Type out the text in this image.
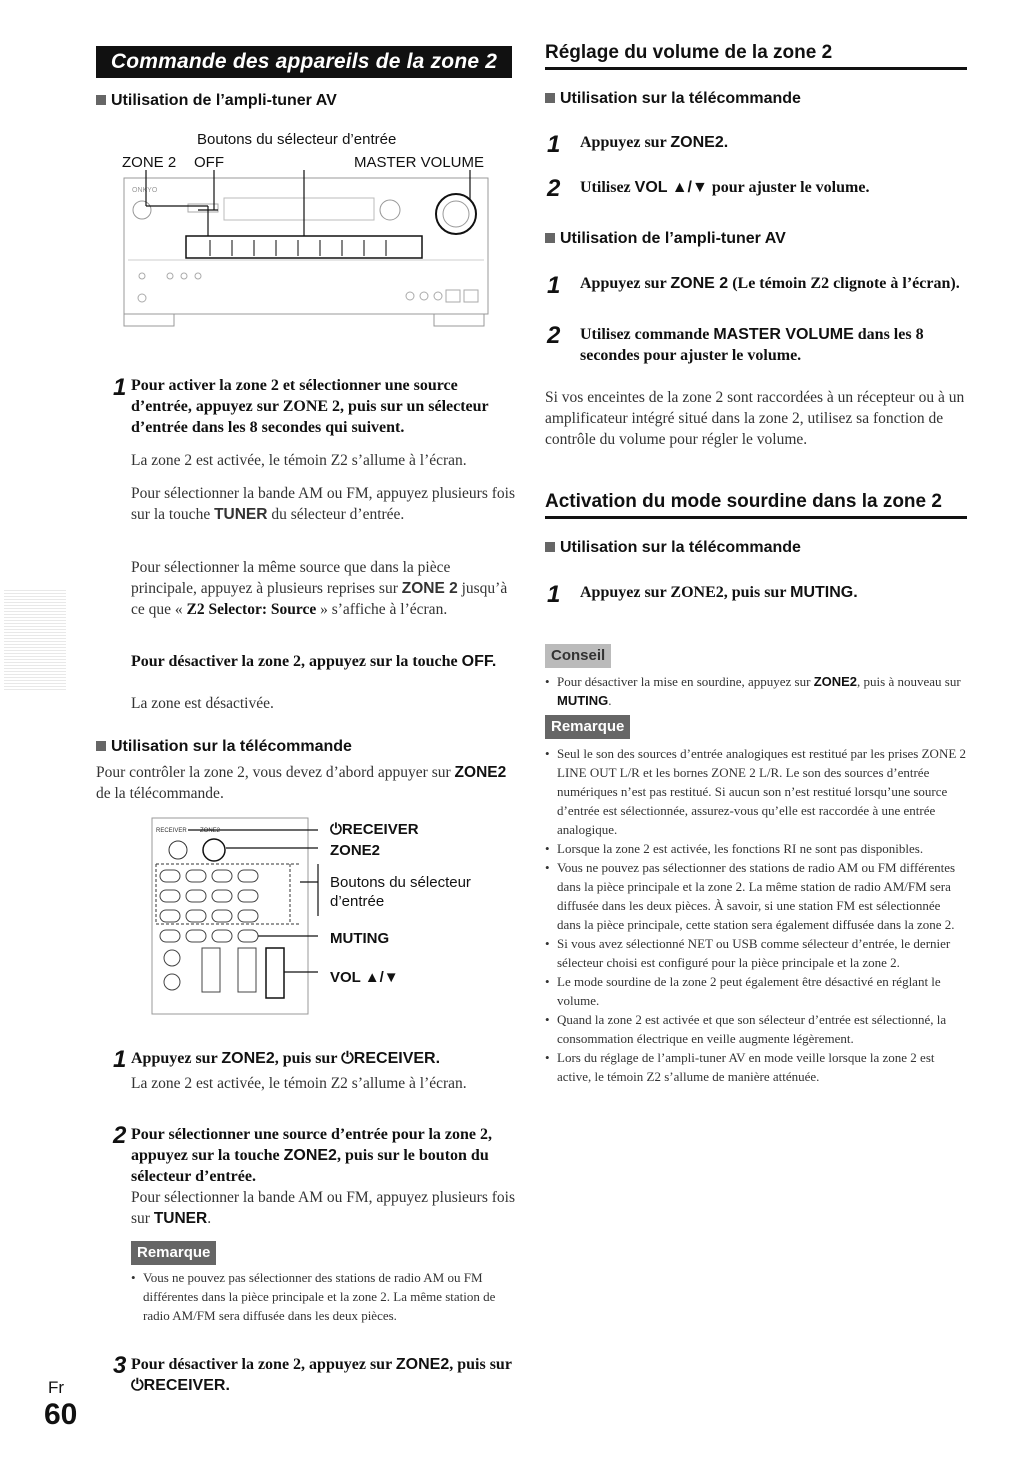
Commande des appareils de la zone 2
Utilisation de l’ampli-tuner AV
Boutons du sélecteur d’entrée
ZONE 2 OFF	MASTER VOLUME
ONKYO
1 Pour activer la zone 2 et sélectionner une source d’entrée, appuyez sur ZONE 2, puis sur un sélecteur d’entrée dans les 8 secondes qui suivent.
La zone 2 est activée, le témoin Z2 s’allume à l’écran.
Pour sélectionner la bande AM ou FM, appuyez plusieurs fois sur la touche TUNER du sélecteur d’entrée.
Pour sélectionner la même source que dans la pièce principale, appuyez à plusieurs reprises sur ZONE 2 jusqu’à ce que « Z2 Selector: Source » s’affiche à l’écran.
Pour désactiver la zone 2, appuyez sur la touche OFF.
La zone est désactivée.
Utilisation sur la télécommande
Pour contrôler la zone 2, vous devez d’abord appuyer sur ZONE2 de la télécommande.
RECEIVER ZONE2	⏻RECEIVER
ZONE2
Boutons du sélecteur
d’entrée
MUTING
VOL ▲/▼
1 Appuyez sur ZONE2, puis sur ⏻RECEIVER.
La zone 2 est activée, le témoin Z2 s’allume à l’écran.
2 Pour sélectionner une source d’entrée pour la zone 2, appuyez sur la touche ZONE2, puis sur le bouton du sélecteur d’entrée.
Pour sélectionner la bande AM ou FM, appuyez plusieurs fois sur TUNER.
Remarque
• Vous ne pouvez pas sélectionner des stations de radio AM ou FM différentes dans la pièce principale et la zone 2. La même station de radio AM/FM sera diffusée dans les deux pièces.
3 Pour désactiver la zone 2, appuyez sur ZONE2, puis sur ⏻RECEIVER.
Fr
60
Réglage du volume de la zone 2
Utilisation sur la télécommande
1 Appuyez sur ZONE2.
2 Utilisez VOL ▲/▼ pour ajuster le volume.
Utilisation de l’ampli-tuner AV
1 Appuyez sur ZONE 2 (Le témoin Z2 clignote à l’écran).
2 Utilisez commande MASTER VOLUME dans les 8 secondes pour ajuster le volume.
Si vos enceintes de la zone 2 sont raccordées à un récepteur ou à un amplificateur intégré situé dans la zone 2, utilisez sa fonction de contrôle du volume pour régler le volume.
Activation du mode sourdine dans la zone 2
Utilisation sur la télécommande
1 Appuyez sur ZONE2, puis sur MUTING.
Conseil
• Pour désactiver la mise en sourdine, appuyez sur ZONE2, puis à nouveau sur MUTING.
Remarque
• Seul le son des sources d’entrée analogiques est restitué par les prises ZONE 2 LINE OUT L/R et les bornes ZONE 2 L/R. Le son des sources d’entrée numériques n’est pas restitué. Si aucun son n’est restitué lorsqu’une source d’entrée est sélectionnée, assurez-vous qu’elle est raccordée à une entrée analogique.
• Lorsque la zone 2 est activée, les fonctions RI ne sont pas disponibles.
• Vous ne pouvez pas sélectionner des stations de radio AM ou FM différentes dans la pièce principale et la zone 2. La même station de radio AM/FM sera diffusée dans les deux pièces. À savoir, si une station FM est sélectionnée dans la pièce principale, cette station sera également diffusée dans la zone 2.
• Si vous avez sélectionné NET ou USB comme sélecteur d’entrée, le dernier sélecteur choisi est configuré pour la pièce principale et la zone 2.
• Le mode sourdine de la zone 2 peut également être désactivé en réglant le volume.
• Quand la zone 2 est activée et que son sélecteur d’entrée est sélectionné, la consommation électrique en veille augmente légèrement.
• Lors du réglage de l’ampli-tuner AV en mode veille lorsque la zone 2 est active, le témoin Z2 s’allume de manière atténuée.
